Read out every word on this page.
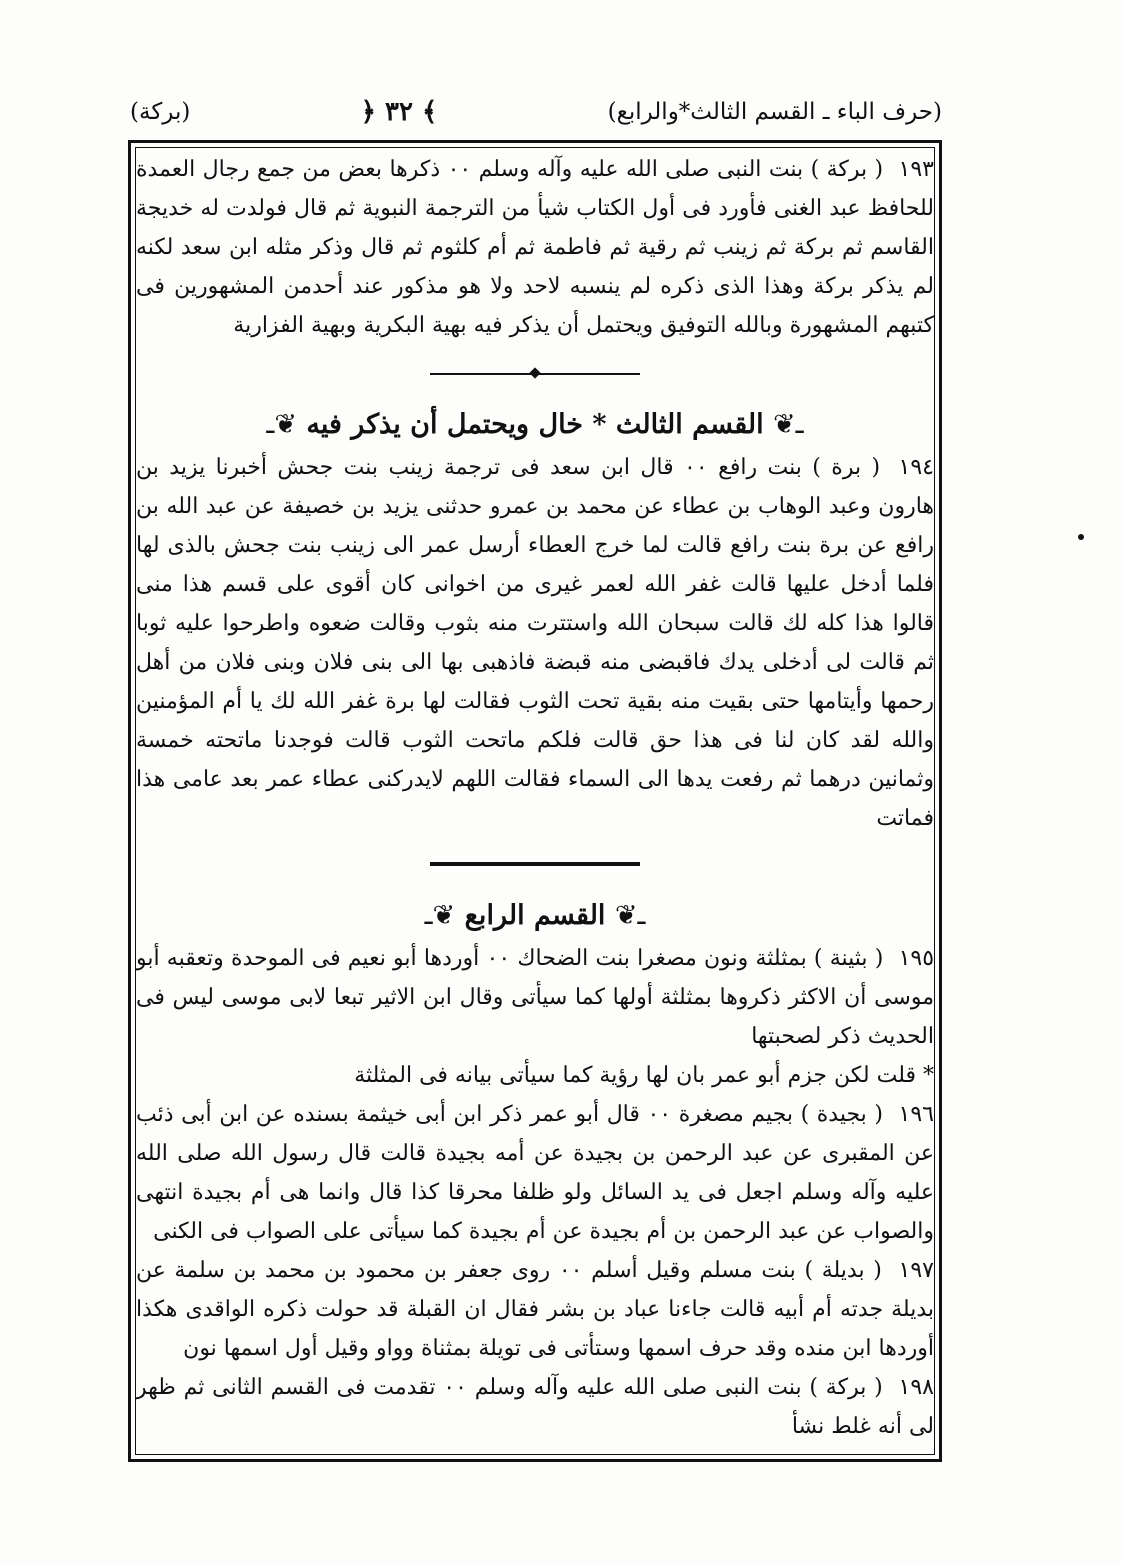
(بركة)	﴿ ٣٢ ﴾	(حرف الباء ـ القسم الثالث*والرابع)

١٩٣ ( بركة ) بنت النبى صلى الله عليه وآله وسلم ٠٠ ذكرها بعض من جمع رجال العمدة للحافظ عبد الغنى فأورد فى أول الكتاب شيأ من الترجمة النبوية ثم قال فولدت له خديجة القاسم ثم بركة ثم زينب ثم رقية ثم فاطمة ثم أم كلثوم ثم قال وذكر مثله ابن سعد لكنه لم يذكر بركة وهذا الذى ذكره لم ينسبه لاحد ولا هو مذكور عند أحدمن المشهورين فى كتبهم المشهورة وبالله التوفيق ويحتمل أن يذكر فيه بهية البكرية وبهية الفزارية

ـ❦ القسم الثالث * خال ويحتمل أن يذكر فيه ❦ـ

١٩٤ ( برة ) بنت رافع ٠٠ قال ابن سعد فى ترجمة زينب بنت جحش أخبرنا يزيد بن هارون وعبد الوهاب بن عطاء عن محمد بن عمرو حدثنى يزيد بن خصيفة عن عبد الله بن رافع عن برة بنت رافع قالت لما خرج العطاء أرسل عمر الى زينب بنت جحش بالذى لها فلما أدخل عليها قالت غفر الله لعمر غيرى من اخوانى كان أقوى على قسم هذا منى قالوا هذا كله لك قالت سبحان الله واستترت منه بثوب وقالت ضعوه واطرحوا عليه ثوبا ثم قالت لى أدخلى يدك فاقبضى منه قبضة فاذهبى بها الى بنى فلان وبنى فلان من أهل رحمها وأيتامها حتى بقيت منه بقية تحت الثوب فقالت لها برة غفر الله لك يا أم المؤمنين والله لقد كان لنا فى هذا حق قالت فلكم ماتحت الثوب قالت فوجدنا ماتحته خمسة وثمانين درهما ثم رفعت يدها الى السماء فقالت اللهم لايدركنى عطاء عمر بعد عامى هذا فماتت

ـ❦ القسم الرابع ❦ـ

١٩٥ ( بثينة ) بمثلثة ونون مصغرا بنت الضحاك ٠٠ أوردها أبو نعيم فى الموحدة وتعقبه أبو موسى أن الاكثر ذكروها بمثلثة أولها كما سيأتى وقال ابن الاثير تبعا لابى موسى ليس فى الحديث ذكر لصحبتها

* قلت لكن جزم أبو عمر بان لها رؤية كما سيأتى بيانه فى المثلثة

١٩٦ ( بجيدة ) بجيم مصغرة ٠٠ قال أبو عمر ذكر ابن أبى خيثمة بسنده عن ابن أبى ذئب عن المقبرى عن عبد الرحمن بن بجيدة عن أمه بجيدة قالت قال رسول الله صلى الله عليه وآله وسلم اجعل فى يد السائل ولو ظلفا محرقا كذا قال وانما هى أم بجيدة انتهى والصواب عن عبد الرحمن بن أم بجيدة عن أم بجيدة كما سيأتى على الصواب فى الكنى

١٩٧ ( بديلة ) بنت مسلم وقيل أسلم ٠٠ روى جعفر بن محمود بن محمد بن سلمة عن بديلة جدته أم أبيه قالت جاءنا عباد بن بشر فقال ان القبلة قد حولت ذكره الواقدى هكذا أوردها ابن منده وقد حرف اسمها وستأتى فى تويلة بمثناة وواو وقيل أول اسمها نون

١٩٨ ( بركة ) بنت النبى صلى الله عليه وآله وسلم ٠٠ تقدمت فى القسم الثانى ثم ظهر لى أنه غلط نشأ
